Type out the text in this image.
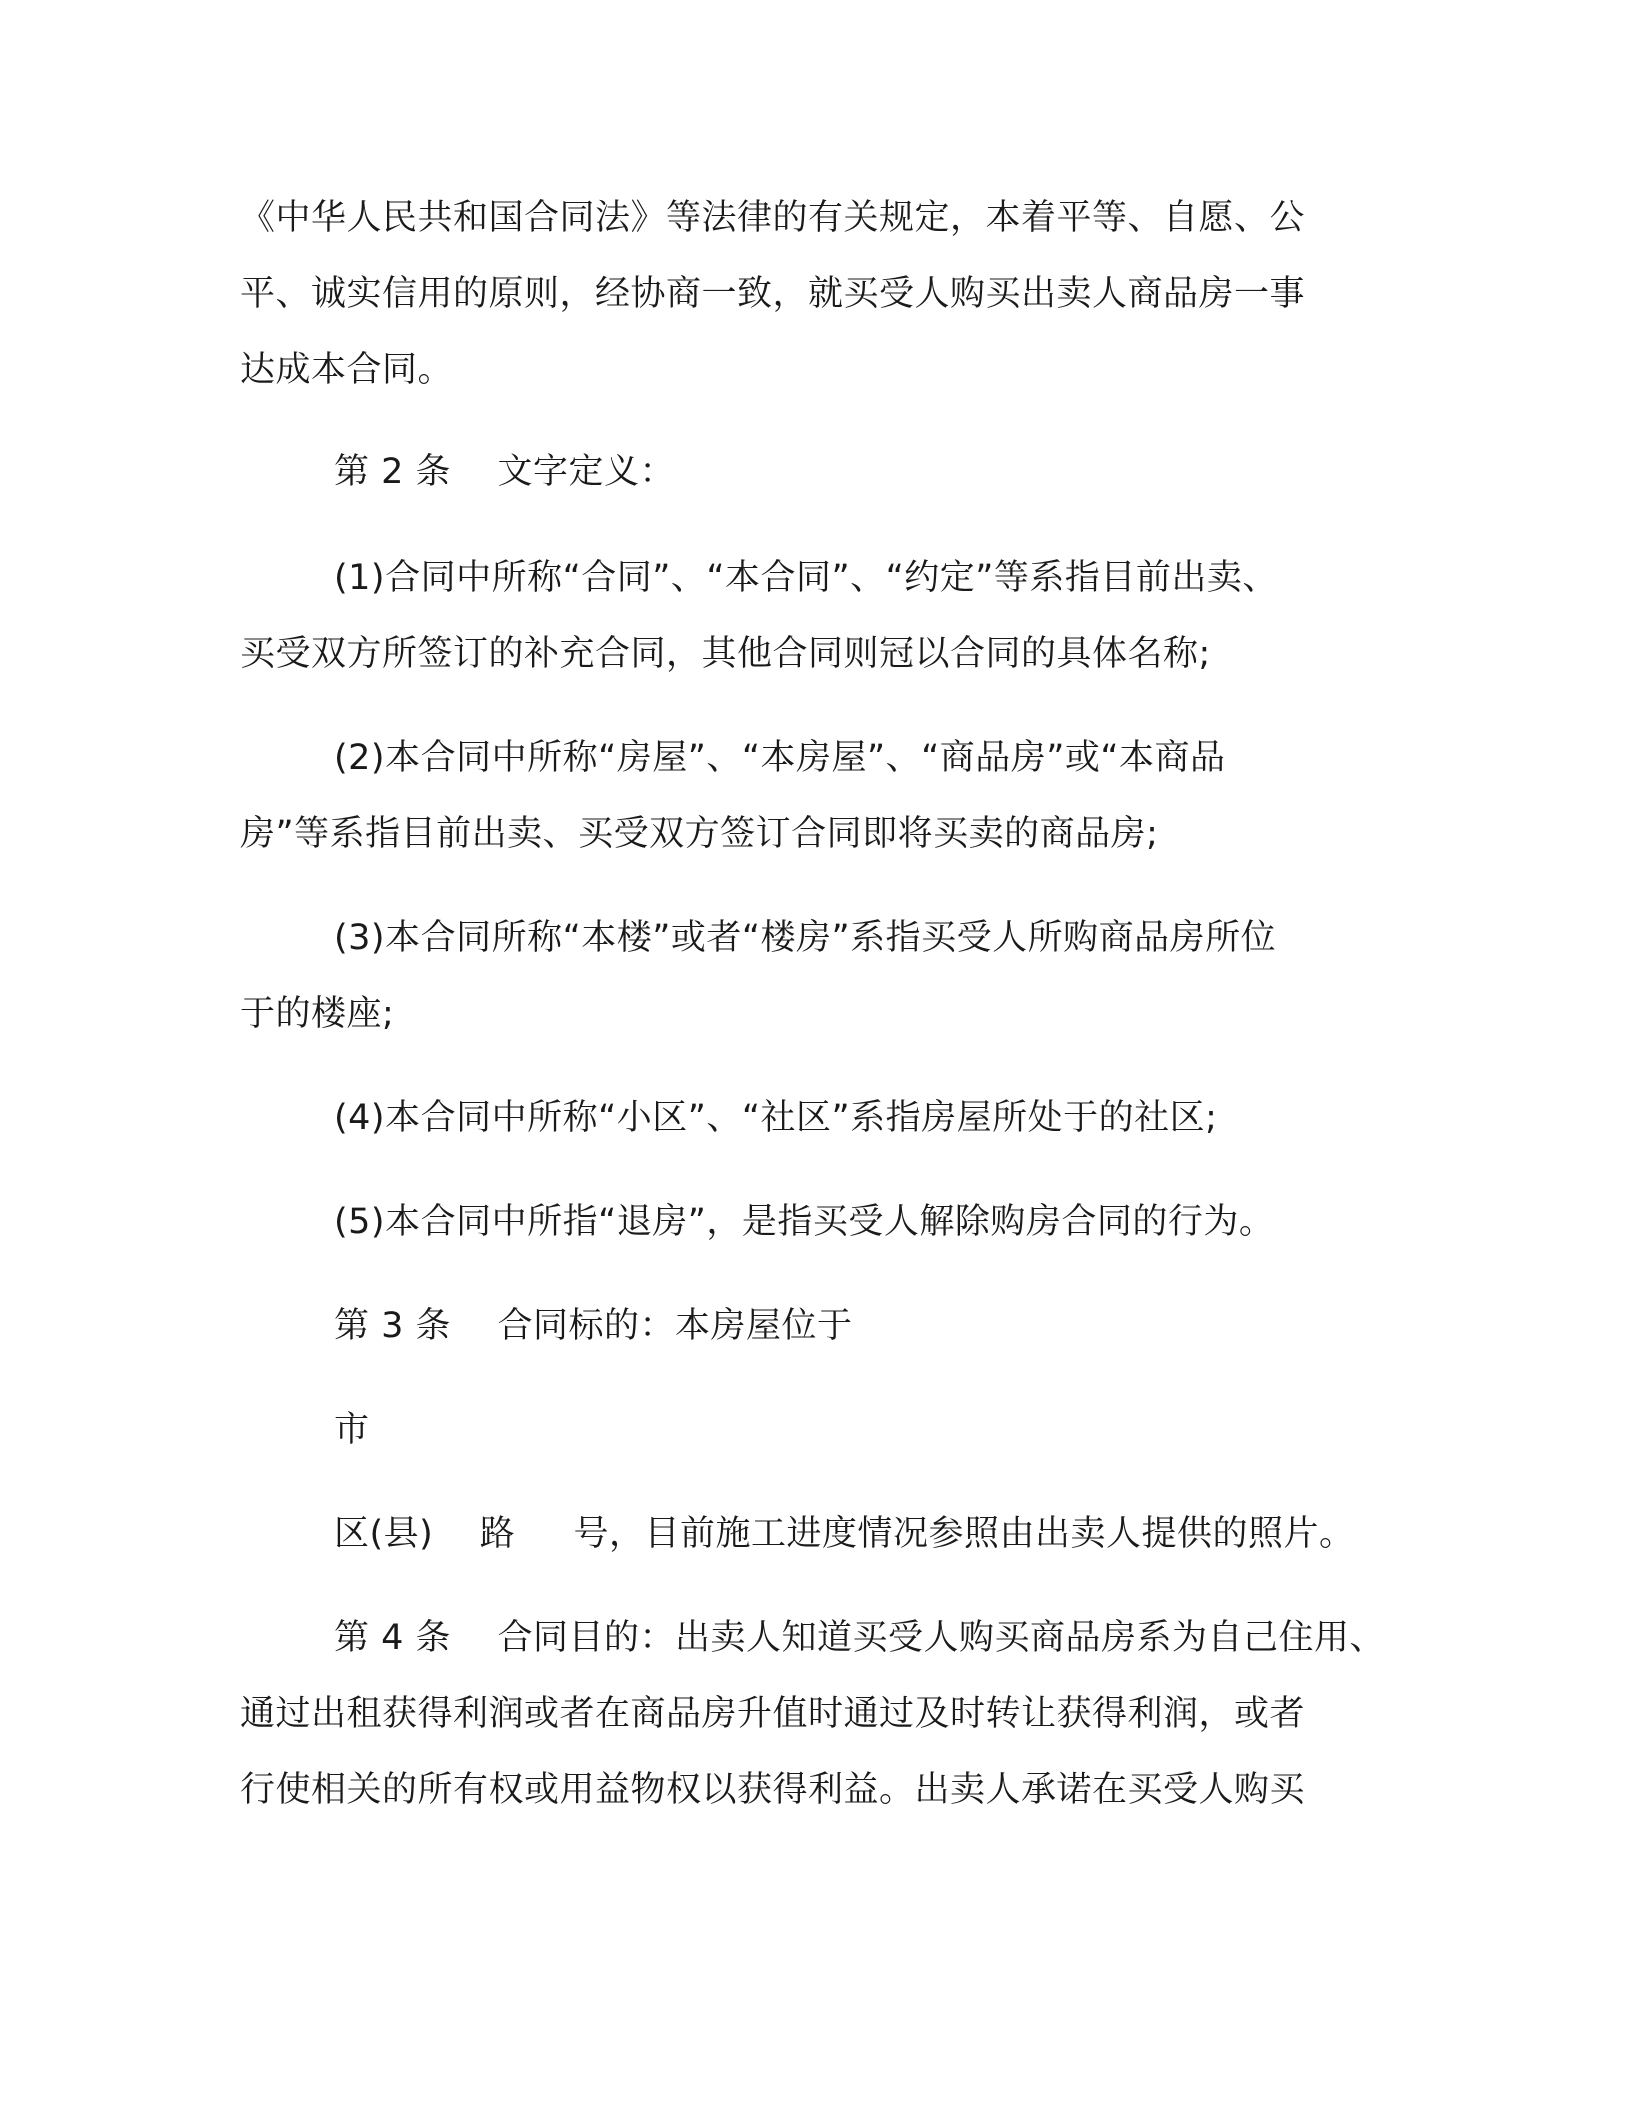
《中华人民共和国合同法》等法律的有关规定，本着平等、自愿、公
平、诚实信用的原则，经协商一致，就买受人购买出卖人商品房一事
达成本合同。
第 2 条    文字定义：
(1)合同中所称“合同”、“本合同”、“约定”等系指目前出卖、
买受双方所签订的补充合同，其他合同则冠以合同的具体名称;
(2)本合同中所称“房屋”、“本房屋”、“商品房”或“本商品
房”等系指目前出卖、买受双方签订合同即将买卖的商品房;
(3)本合同所称“本楼”或者“楼房”系指买受人所购商品房所位
于的楼座;
(4)本合同中所称“小区”、“社区”系指房屋所处于的社区;
(5)本合同中所指“退房”，是指买受人解除购房合同的行为。
第 3 条    合同标的：本房屋位于
市
区(县)    路     号，目前施工进度情况参照由出卖人提供的照片。
第 4 条    合同目的：出卖人知道买受人购买商品房系为自己住用、
通过出租获得利润或者在商品房升值时通过及时转让获得利润，或者
行使相关的所有权或用益物权以获得利益。出卖人承诺在买受人购买
